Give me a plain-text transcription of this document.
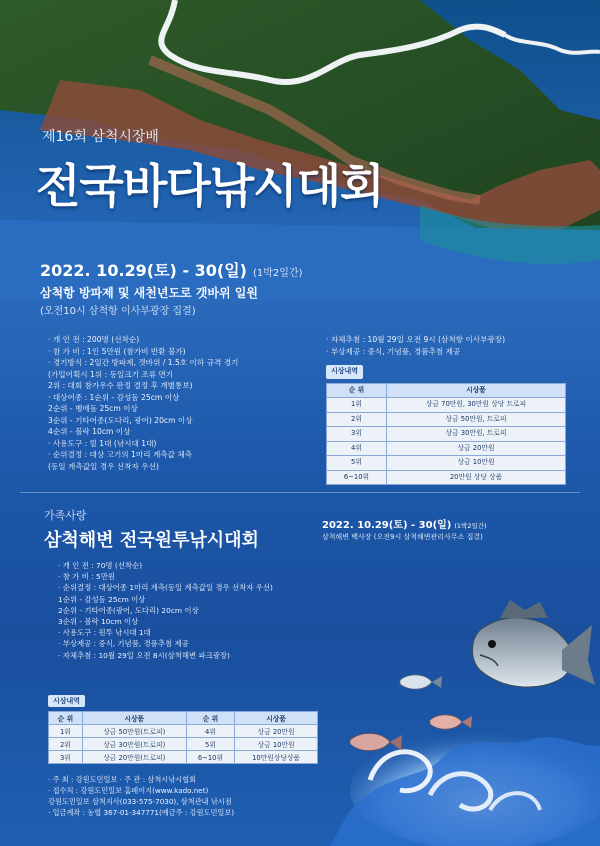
제16회 삼척시장배
전국바다낚시대회
2022. 10.29(토) - 30(일) (1박2일간)
삼척항 방파제 및 새천년도로 갯바위 일원
(오전10시 삼척항 이사부광장 집결)
· 개 인 전 : 200명 (선착순)
· 참 가 비 : 1인 5만원 (참가비 반환 불가)
· 경기방식 : 2일간 방파제, 갯바위 / 1.5호 이하 규격 경기
(가입어획시 1위 : 동일크기 조류 면기
2위 : 대회 참가우수 판정 결정 후 개별통보)
· 대상어종 : 1순위 - 감성돔 25cm 이상
2순위 - 벵에돔 25cm 이상
3순위 - 기타어종(도다리, 광어) 20cm 이상
4순위 - 볼락 10cm 이상
· 사용도구 : 릴 1대 (낚시대 1대)
· 순위결정 : 대상 고기의 1마리 계측값 체측
(동일 계측값일 경우 선착자 우선)
· 자체추첨 : 10월 29일 오전 9시 (삼척항 이사부광장)
· 부상제공 : 중식, 기념품, 경품추첨 제공
시상내역
순 위	시상품
1위	상금 70만원, 30만원 상당 트로피
2위	상금 50만원, 트로피
3위	상금 30만원, 트로피
4위	상금 20만원
5위	상금 10만원
6~10위	20만원 상당 상품
가족사랑
삼척해변 전국원투낚시대회
2022. 10.29(토) - 30(일) (1박2일간)
삼척해변 백사장 (오전9시 삼척해변관리사무소 집결)
· 개 인 전 : 70명 (선착순)
· 참 가 비 : 5만원
· 순위결정 : 대상어종 1마리 계측(동일 계측값일 경우 선착자 우선)
1순위 - 감성돔 25cm 이상
2순위 - 기타어종(광어, 도다리) 20cm 이상
3순위 - 볼락 10cm 이상
· 사용도구 : 원투 낚시대 1대
· 부상제공 : 중식, 기념품, 경품추첨 제공
· 자체추첨 : 10월 29일 오전 8시(삼척해변 파크광장)
시상내역
순 위	시상품	순 위	시상품
1위	상금 50만원(트로피)	4위	상금 20만원
2위	상금 30만원(트로피)	5위	상금 10만원
3위	상금 20만원(트로피)	6~10위	10만원상당상품
· 주 최 : 강원도민일보 · 주 관 : 삼척시낚시협회
· 접수처 : 강원도민일보 홈페이지(www.kado.net)
강원도민일보 삼척지사(033-575-7030), 삼척관내 낚시점
· 입금계좌 : 농협 367-01-347771(예금주 : 강원도민일보)
